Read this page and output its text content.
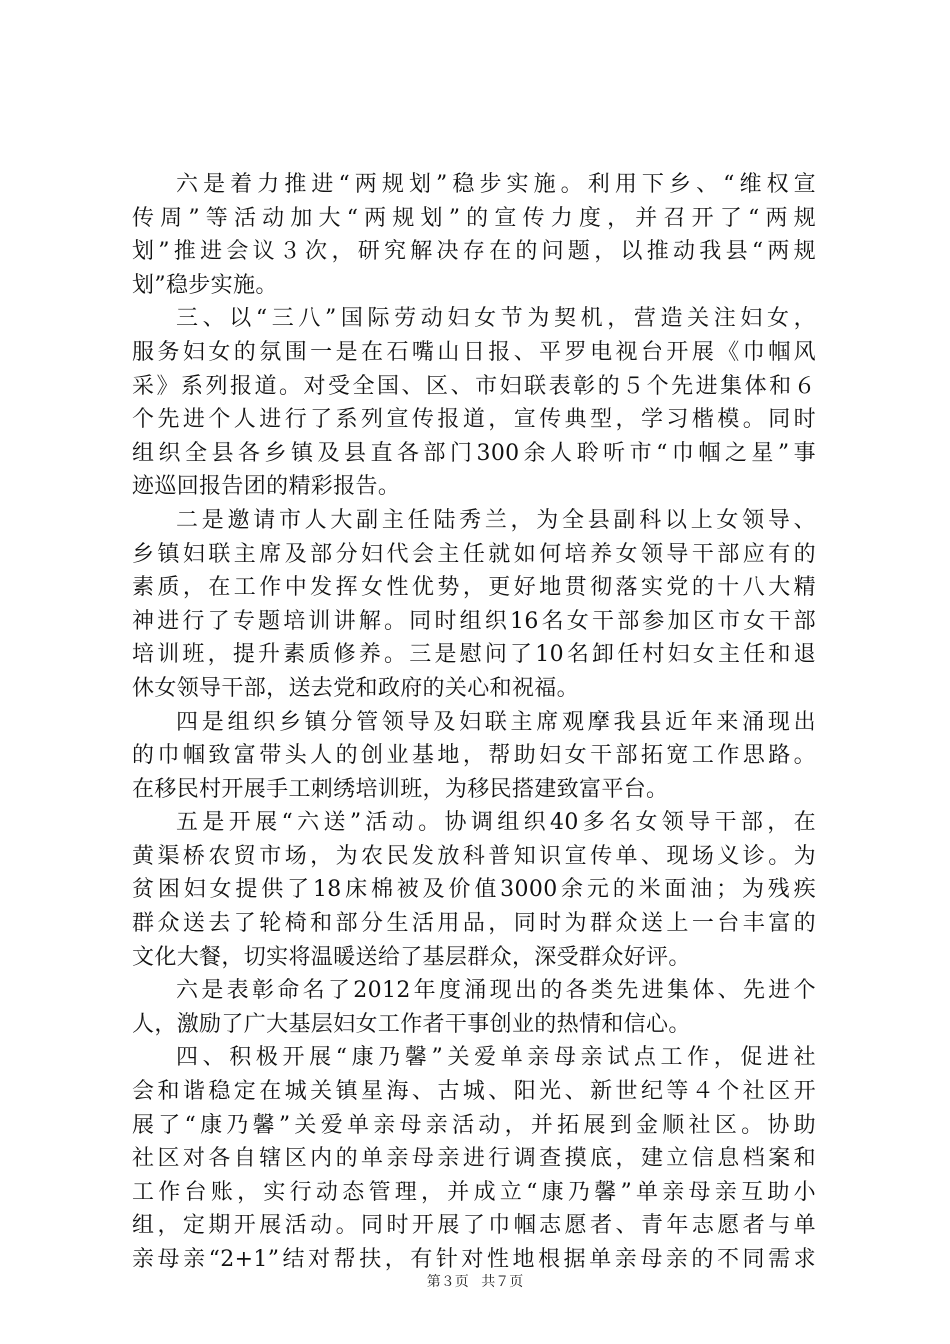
六是着力推进“两规划”稳步实施。利用下乡、“维权宣
传周”等活动加大“两规划”的宣传力度，并召开了“两规
划”推进会议３次，研究解决存在的问题，以推动我县“两规
划”稳步实施。
三、以“三八”国际劳动妇女节为契机，营造关注妇女，
服务妇女的氛围一是在石嘴山日报、平罗电视台开展《巾帼风
采》系列报道。对受全国、区、市妇联表彰的５个先进集体和６
个先进个人进行了系列宣传报道，宣传典型，学习楷模。同时
组织全县各乡镇及县直各部门300余人聆听市“巾帼之星”事
迹巡回报告团的精彩报告。
二是邀请市人大副主任陆秀兰，为全县副科以上女领导、
乡镇妇联主席及部分妇代会主任就如何培养女领导干部应有的
素质，在工作中发挥女性优势，更好地贯彻落实党的十八大精
神进行了专题培训讲解。同时组织16名女干部参加区市女干部
培训班，提升素质修养。三是慰问了10名卸任村妇女主任和退
休女领导干部，送去党和政府的关心和祝福。
四是组织乡镇分管领导及妇联主席观摩我县近年来涌现出
的巾帼致富带头人的创业基地，帮助妇女干部拓宽工作思路。
在移民村开展手工刺绣培训班，为移民搭建致富平台。
五是开展“六送”活动。协调组织40多名女领导干部，在
黄渠桥农贸市场，为农民发放科普知识宣传单、现场义诊。为
贫困妇女提供了18床棉被及价值3000余元的米面油；为残疾
群众送去了轮椅和部分生活用品，同时为群众送上一台丰富的
文化大餐，切实将温暖送给了基层群众，深受群众好评。
六是表彰命名了2012年度涌现出的各类先进集体、先进个
人，激励了广大基层妇女工作者干事创业的热情和信心。
四、积极开展“康乃馨”关爱单亲母亲试点工作，促进社
会和谐稳定在城关镇星海、古城、阳光、新世纪等４个社区开
展了“康乃馨”关爱单亲母亲活动，并拓展到金顺社区。协助
社区对各自辖区内的单亲母亲进行调查摸底，建立信息档案和
工作台账，实行动态管理，并成立“康乃馨”单亲母亲互助小
组，定期开展活动。同时开展了巾帼志愿者、青年志愿者与单
亲母亲“2+1”结对帮扶，有针对性地根据单亲母亲的不同需求
第３页 共７页
